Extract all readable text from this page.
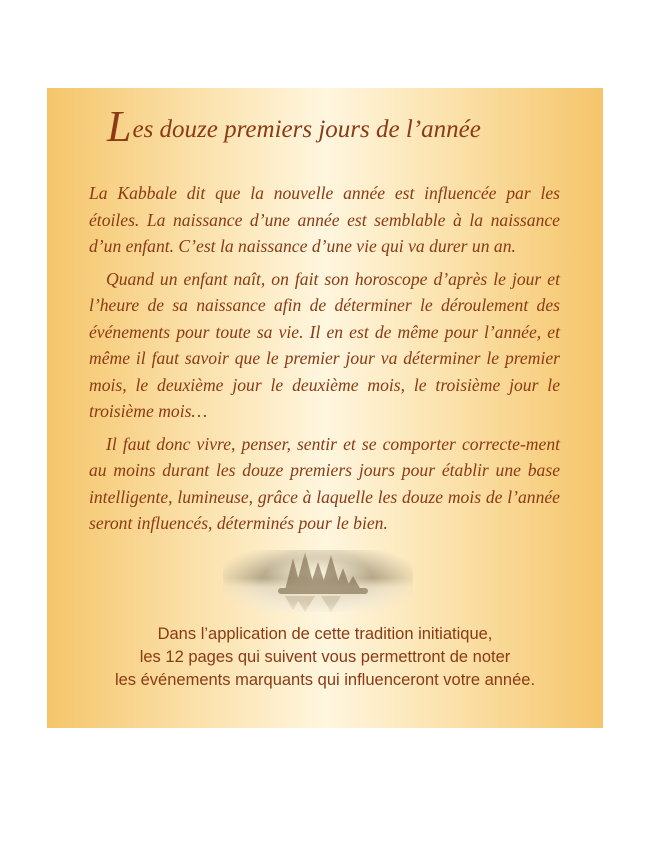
Les douze premiers jours de l’année

La Kabbale dit que la nouvelle année est influencée par les étoiles. La naissance d’une année est semblable à la naissance d’un enfant. C’est la naissance d’une vie qui va durer un an.

Quand un enfant naît, on fait son horoscope d’après le jour et l’heure de sa naissance afin de déterminer le déroulement des événements pour toute sa vie. Il en est de même pour l’année, et même il faut savoir que le premier jour va déterminer le premier mois, le deuxième jour le deuxième mois, le troisième jour le troisième mois…

Il faut donc vivre, penser, sentir et se comporter correcte-ment au moins durant les douze premiers jours pour établir une base intelligente, lumineuse, grâce à laquelle les douze mois de l’année seront influencés, déterminés pour le bien.

Dans l’application de cette tradition initiatique,
les 12 pages qui suivent vous permettront de noter
les événements marquants qui influenceront votre année.
